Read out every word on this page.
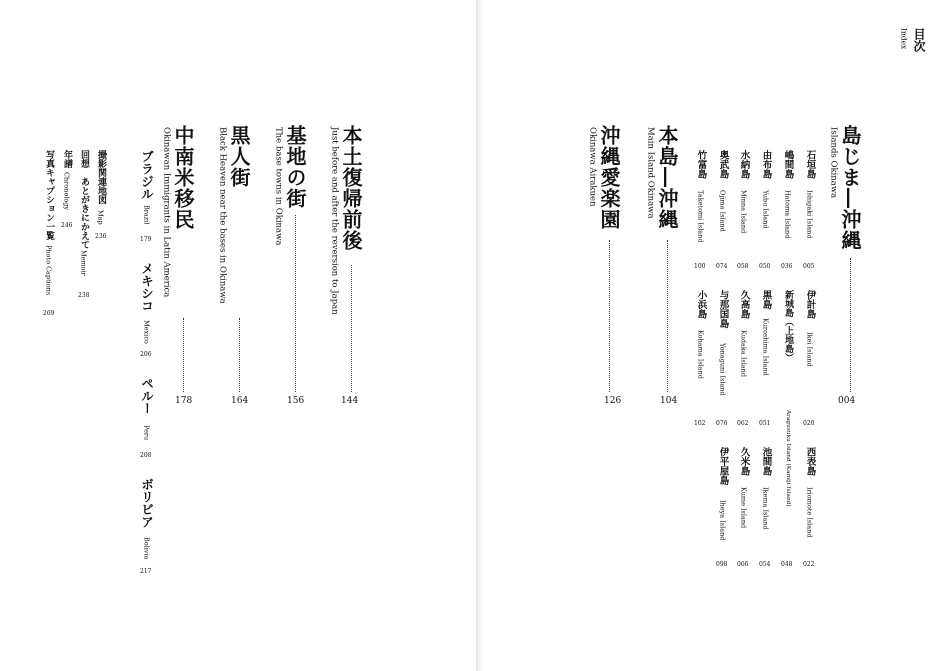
目次
Index
島じま―沖縄
Islands Okinawa
004
石垣島
Ishigaki Island
005
嶋間島
Hatoma Island
036
由布島
Yubu Island
050
水納島
Minna Island
058
奥武島
Ojima Island
074
竹富島
Taketomi Island
100
伊計島
Ikei Island
020
新城島（上地島）
Aragusuku Island (Kamiji Island)
048
黒島
Kuroshima Island
051
久高島
Kudaka Island
062
与那国島
Yonaguni Island
076
小浜島
Kohama Island
102
西表島
Iriomote Island
022
池間島
Ikema Island
054
久米島
Kume Island
066
伊平屋島
Iheya Island
098
本島―沖縄
Main Island Okinawa
104
沖縄愛楽園
Okinawa Airakuen
126
本土復帰前後
Just before and after the reversion to Japan
144
基地の街
The base towns in Okinawa
156
黒人街
Black Heaven near the bases in Okinawa
164
中南米移民
Okinawan Immigrants in Latin America
178
ブラジル
Brazil
179
メキシコ
Mexico
206
ペルー
Peru
208
ボリビア
Bolivia
217
撮影関連地図
Map
236
回想　あとがきにかえて
Memoir
238
年譜
Chronology
246
写真キャプション一覧
Photo Captions
269
